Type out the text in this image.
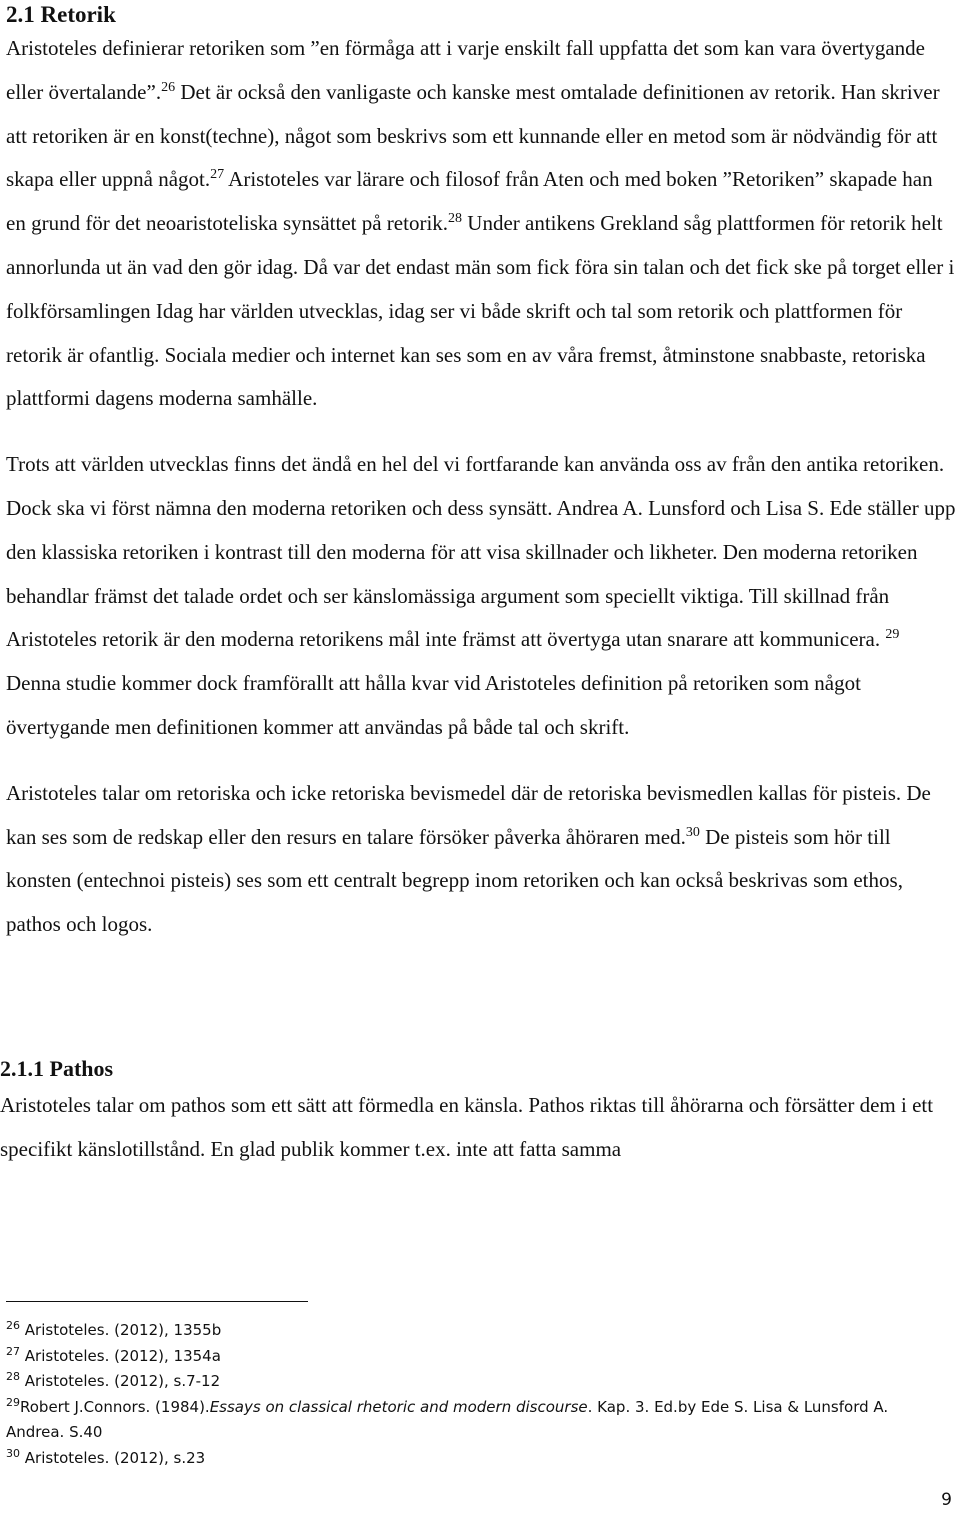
2.1 Retorik

Aristoteles definierar retoriken som ”en förmåga att i varje enskilt fall uppfatta det som kan vara övertygande eller övertalande”.$^{26}$ Det är också den vanligaste och kanske mest omtalade definitionen av retorik. Han skriver att retoriken är en konst(techne), något som beskrivs som ett kunnande eller en metod som är nödvändig för att skapa eller uppnå något.$^{27}$ Aristoteles var lärare och filosof från Aten och med boken ”Retoriken” skapade han en grund för det neoaristoteliska synsättet på retorik.$^{28}$ Under antikens Grekland såg plattformen för retorik helt annorlunda ut än vad den gör idag. Då var det endast män som fick föra sin talan och det fick ske på torget eller i folkförsamlingen Idag har världen utvecklas, idag ser vi både skrift och tal som retorik och plattformen för retorik är ofantlig. Sociala medier och internet kan ses som en av våra fremst, åtminstone snabbaste, retoriska plattformi dagens moderna samhälle.

Trots att världen utvecklas finns det ändå en hel del vi fortfarande kan använda oss av från den antika retoriken. Dock ska vi först nämna den moderna retoriken och dess synsätt. Andrea A. Lunsford och Lisa S. Ede ställer upp den klassiska retoriken i kontrast till den moderna för att visa skillnader och likheter. Den moderna retoriken behandlar främst det talade ordet och ser känslomässiga argument som speciellt viktiga. Till skillnad från Aristoteles retorik är den moderna retorikens mål inte främst att övertyga utan snarare att kommunicera. $^{29}$ Denna studie kommer dock framförallt att hålla kvar vid Aristoteles definition på retoriken som något övertygande men definitionen kommer att användas på både tal och skrift.

Aristoteles talar om retoriska och icke retoriska bevismedel där de retoriska bevismedlen kallas för pisteis. De kan ses som de redskap eller den resurs en talare försöker påverka åhöraren med.$^{30}$ De pisteis som hör till konsten (entechnoi pisteis) ses som ett centralt begrepp inom retoriken och kan också beskrivas som ethos, pathos och logos.

2.1.1 Pathos

Aristoteles talar om pathos som ett sätt att förmedla en känsla. Pathos riktas till åhörarna och försätter dem i ett specifikt känslotillstånd. En glad publik kommer t.ex. inte att fatta samma

$^{26}$ Aristoteles. (2012), 1355b
$^{27}$ Aristoteles. (2012), 1354a
$^{28}$ Aristoteles. (2012), s.7-12
$^{29}$Robert J.Connors. (1984).Essays on classical rhetoric and modern discourse. Kap. 3. Ed.by Ede S. Lisa & Lunsford A. Andrea. S.40
$^{30}$ Aristoteles. (2012), s.23
9
